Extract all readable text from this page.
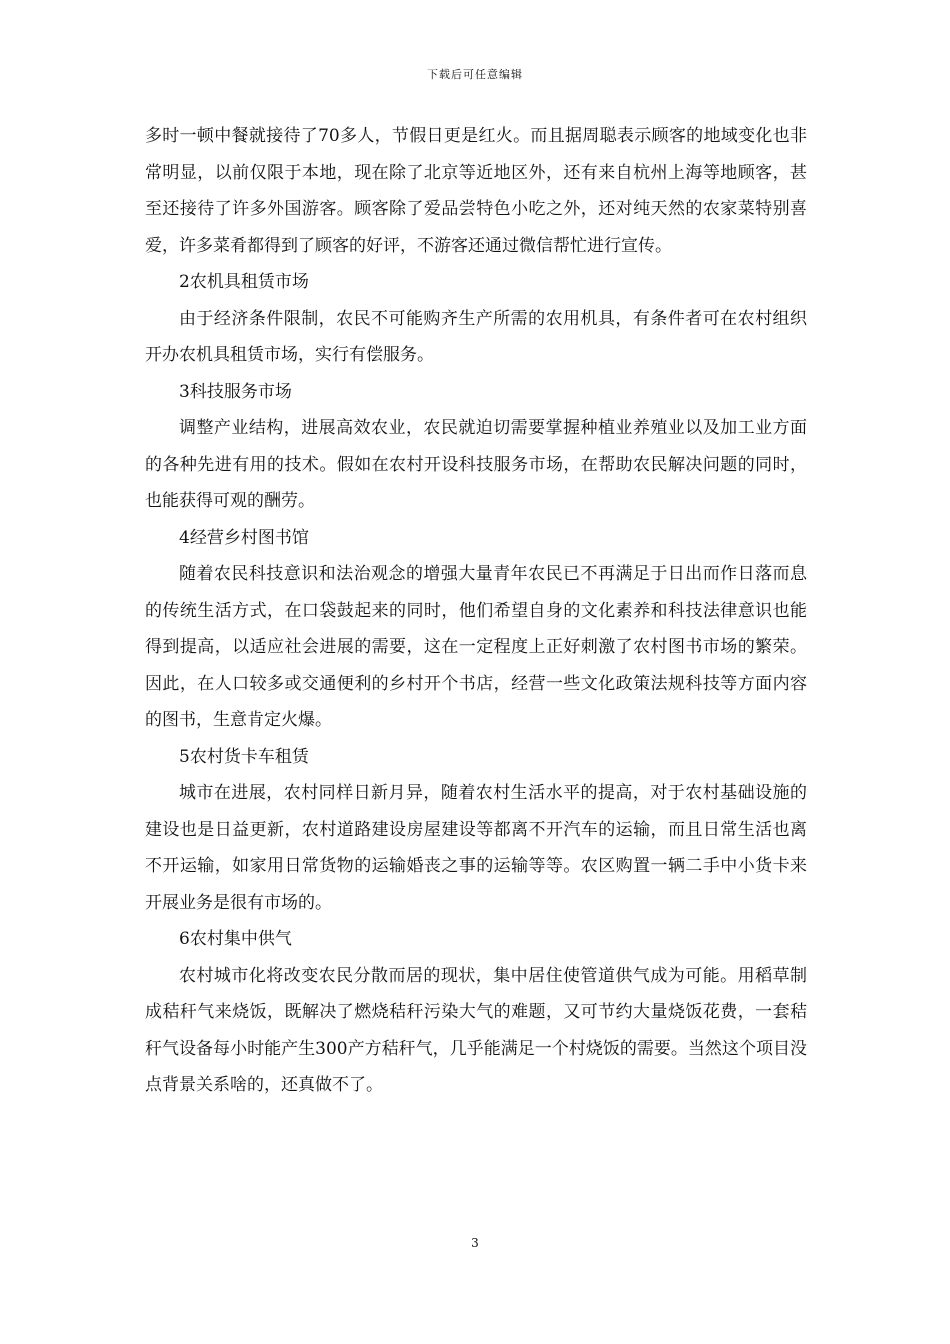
下载后可任意编辑

多时一顿中餐就接待了70多人，节假日更是红火。而且据周聪表示顾客的地域变化也非常明显，以前仅限于本地，现在除了北京等近地区外，还有来自杭州上海等地顾客，甚至还接待了许多外国游客。顾客除了爱品尝特色小吃之外，还对纯天然的农家菜特别喜爱，许多菜肴都得到了顾客的好评，不游客还通过微信帮忙进行宣传。

2农机具租赁市场

由于经济条件限制，农民不可能购齐生产所需的农用机具，有条件者可在农村组织开办农机具租赁市场，实行有偿服务。

3科技服务市场

调整产业结构，进展高效农业，农民就迫切需要掌握种植业养殖业以及加工业方面的各种先进有用的技术。假如在农村开设科技服务市场，在帮助农民解决问题的同时，也能获得可观的酬劳。

4经营乡村图书馆

随着农民科技意识和法治观念的增强大量青年农民已不再满足于日出而作日落而息的传统生活方式，在口袋鼓起来的同时，他们希望自身的文化素养和科技法律意识也能得到提高，以适应社会进展的需要，这在一定程度上正好刺激了农村图书市场的繁荣。因此，在人口较多或交通便利的乡村开个书店，经营一些文化政策法规科技等方面内容的图书，生意肯定火爆。

5农村货卡车租赁

城市在进展，农村同样日新月异，随着农村生活水平的提高，对于农村基础设施的建设也是日益更新，农村道路建设房屋建设等都离不开汽车的运输，而且日常生活也离不开运输，如家用日常货物的运输婚丧之事的运输等等。农区购置一辆二手中小货卡来开展业务是很有市场的。

6农村集中供气

农村城市化将改变农民分散而居的现状，集中居住使管道供气成为可能。用稻草制成秸秆气来烧饭，既解决了燃烧秸秆污染大气的难题，又可节约大量烧饭花费，一套秸秆气设备每小时能产生300产方秸秆气，几乎能满足一个村烧饭的需要。当然这个项目没点背景关系啥的，还真做不了。

3
